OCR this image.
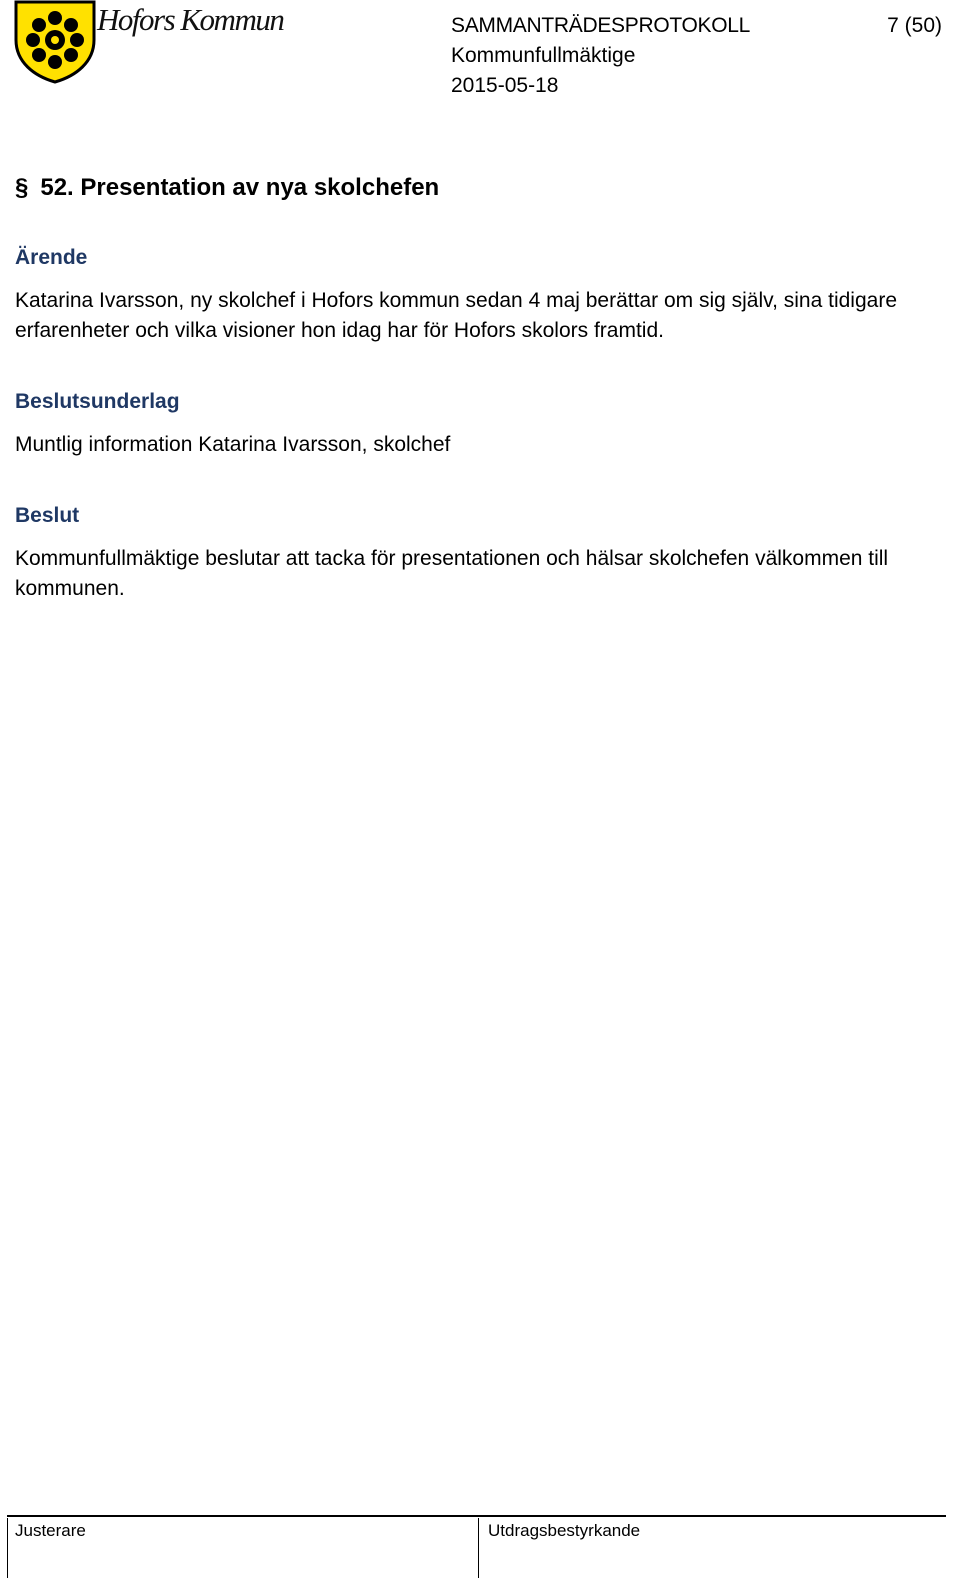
Hofors Kommun	SAMMANTRÄDESPROTOKOLL
Kommunfullmäktige
2015-05-18
7 (50)
§ 52. Presentation av nya skolchefen
Ärende
Katarina Ivarsson, ny skolchef i Hofors kommun sedan 4 maj berättar om sig själv, sina tidigare erfarenheter och vilka visioner hon idag har för Hofors skolors framtid.
Beslutsunderlag
Muntlig information Katarina Ivarsson, skolchef
Beslut
Kommunfullmäktige beslutar att tacka för presentationen och hälsar skolchefen välkommen till kommunen.
Justerare	Utdragsbestyrkande
